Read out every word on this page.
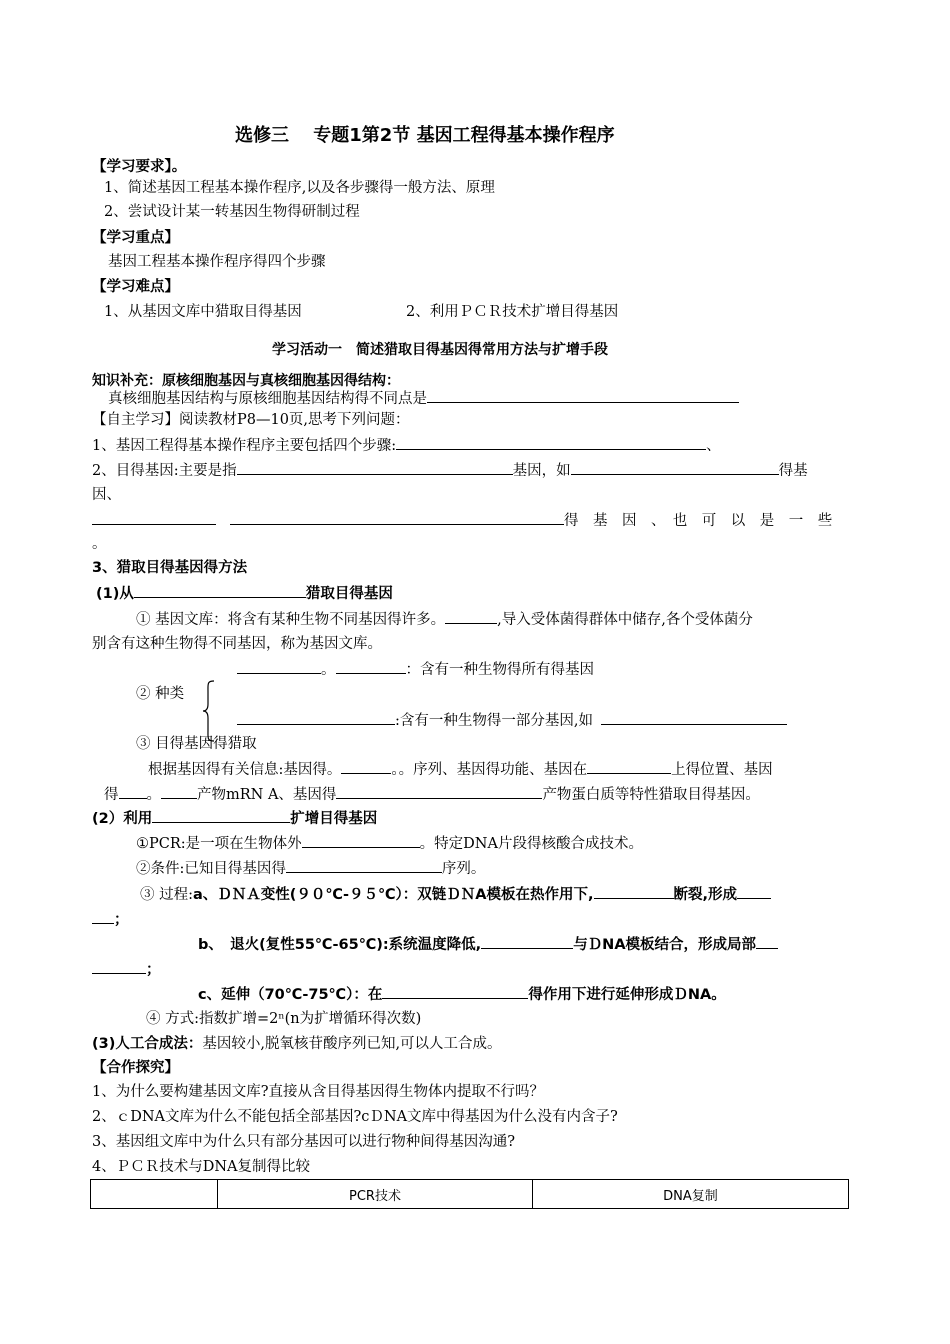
选修三　 专题1第2节 基因工程得基本操作程序
【学习要求】。
1、简述基因工程基本操作程序,以及各步骤得一般方法、原理
2、尝试设计某一转基因生物得研制过程
【学习重点】
基因工程基本操作程序得四个步骤
【学习难点】
1、从基因文库中猎取目得基因	2、利用ＰＣＲ技术扩增目得基因
学习活动一　简述猎取目得基因得常用方法与扩增手段
知识补充：原核细胞基因与真核细胞基因得结构：
真核细胞基因结构与原核细胞基因结构得不同点是
【自主学习】阅读教材P8—10页,思考下列问题：
1、基因工程得基本操作程序主要包括四个步骤:	、
2、目得基因:主要是指	基因，如	得基
因、
得　基　因　、　也　可　以　是　一　些
。
3、猎取目得基因得方法
(1)从	猎取目得基因
① 基因文库：将含有某种生物不同基因得许多。	,导入受体菌得群体中储存,各个受体菌分
别含有这种生物得不同基因，称为基因文库。
。	：含有一种生物得所有得基因
② 种类
:含有一种生物得一部分基因,如
③ 目得基因得猎取
根据基因得有关信息:基因得。	。。序列、基因得功能、基因在	上得位置、基因
得 。 产物mRN A、基因得	产物蛋白质等特性猎取目得基因。
(2）利用	扩增目得基因
①PCR:是一项在生物体外	。特定DNA片段得核酸合成技术。
②条件:已知目得基因得	序列。
③ 过程:a、ＤＮＡ变性(９０℃-９５℃）：双链ＤＮA模板在热作用下,	断裂,形成
；
b、　退火(复性55℃-65℃):系统温度降低,	与ＤNA模板结合，形成局部
；
c、延伸（70℃-75℃）：在	得作用下进行延伸形成ＤNA。
④ 方式:指数扩增=2ⁿ(n为扩增循环得次数)
(3)人工合成法：基因较小,脱氧核苷酸序列已知,可以人工合成。
【合作探究】
1、为什么要构建基因文库?直接从含目得基因得生物体内提取不行吗？
2、ｃDNA文库为什么不能包括全部基因?cＤNA文库中得基因为什么没有内含子?
3、基因组文库中为什么只有部分基因可以进行物种间得基因沟通?
4、ＰＣＲ技术与DNA复制得比较
	PCR技术	DNA复制
